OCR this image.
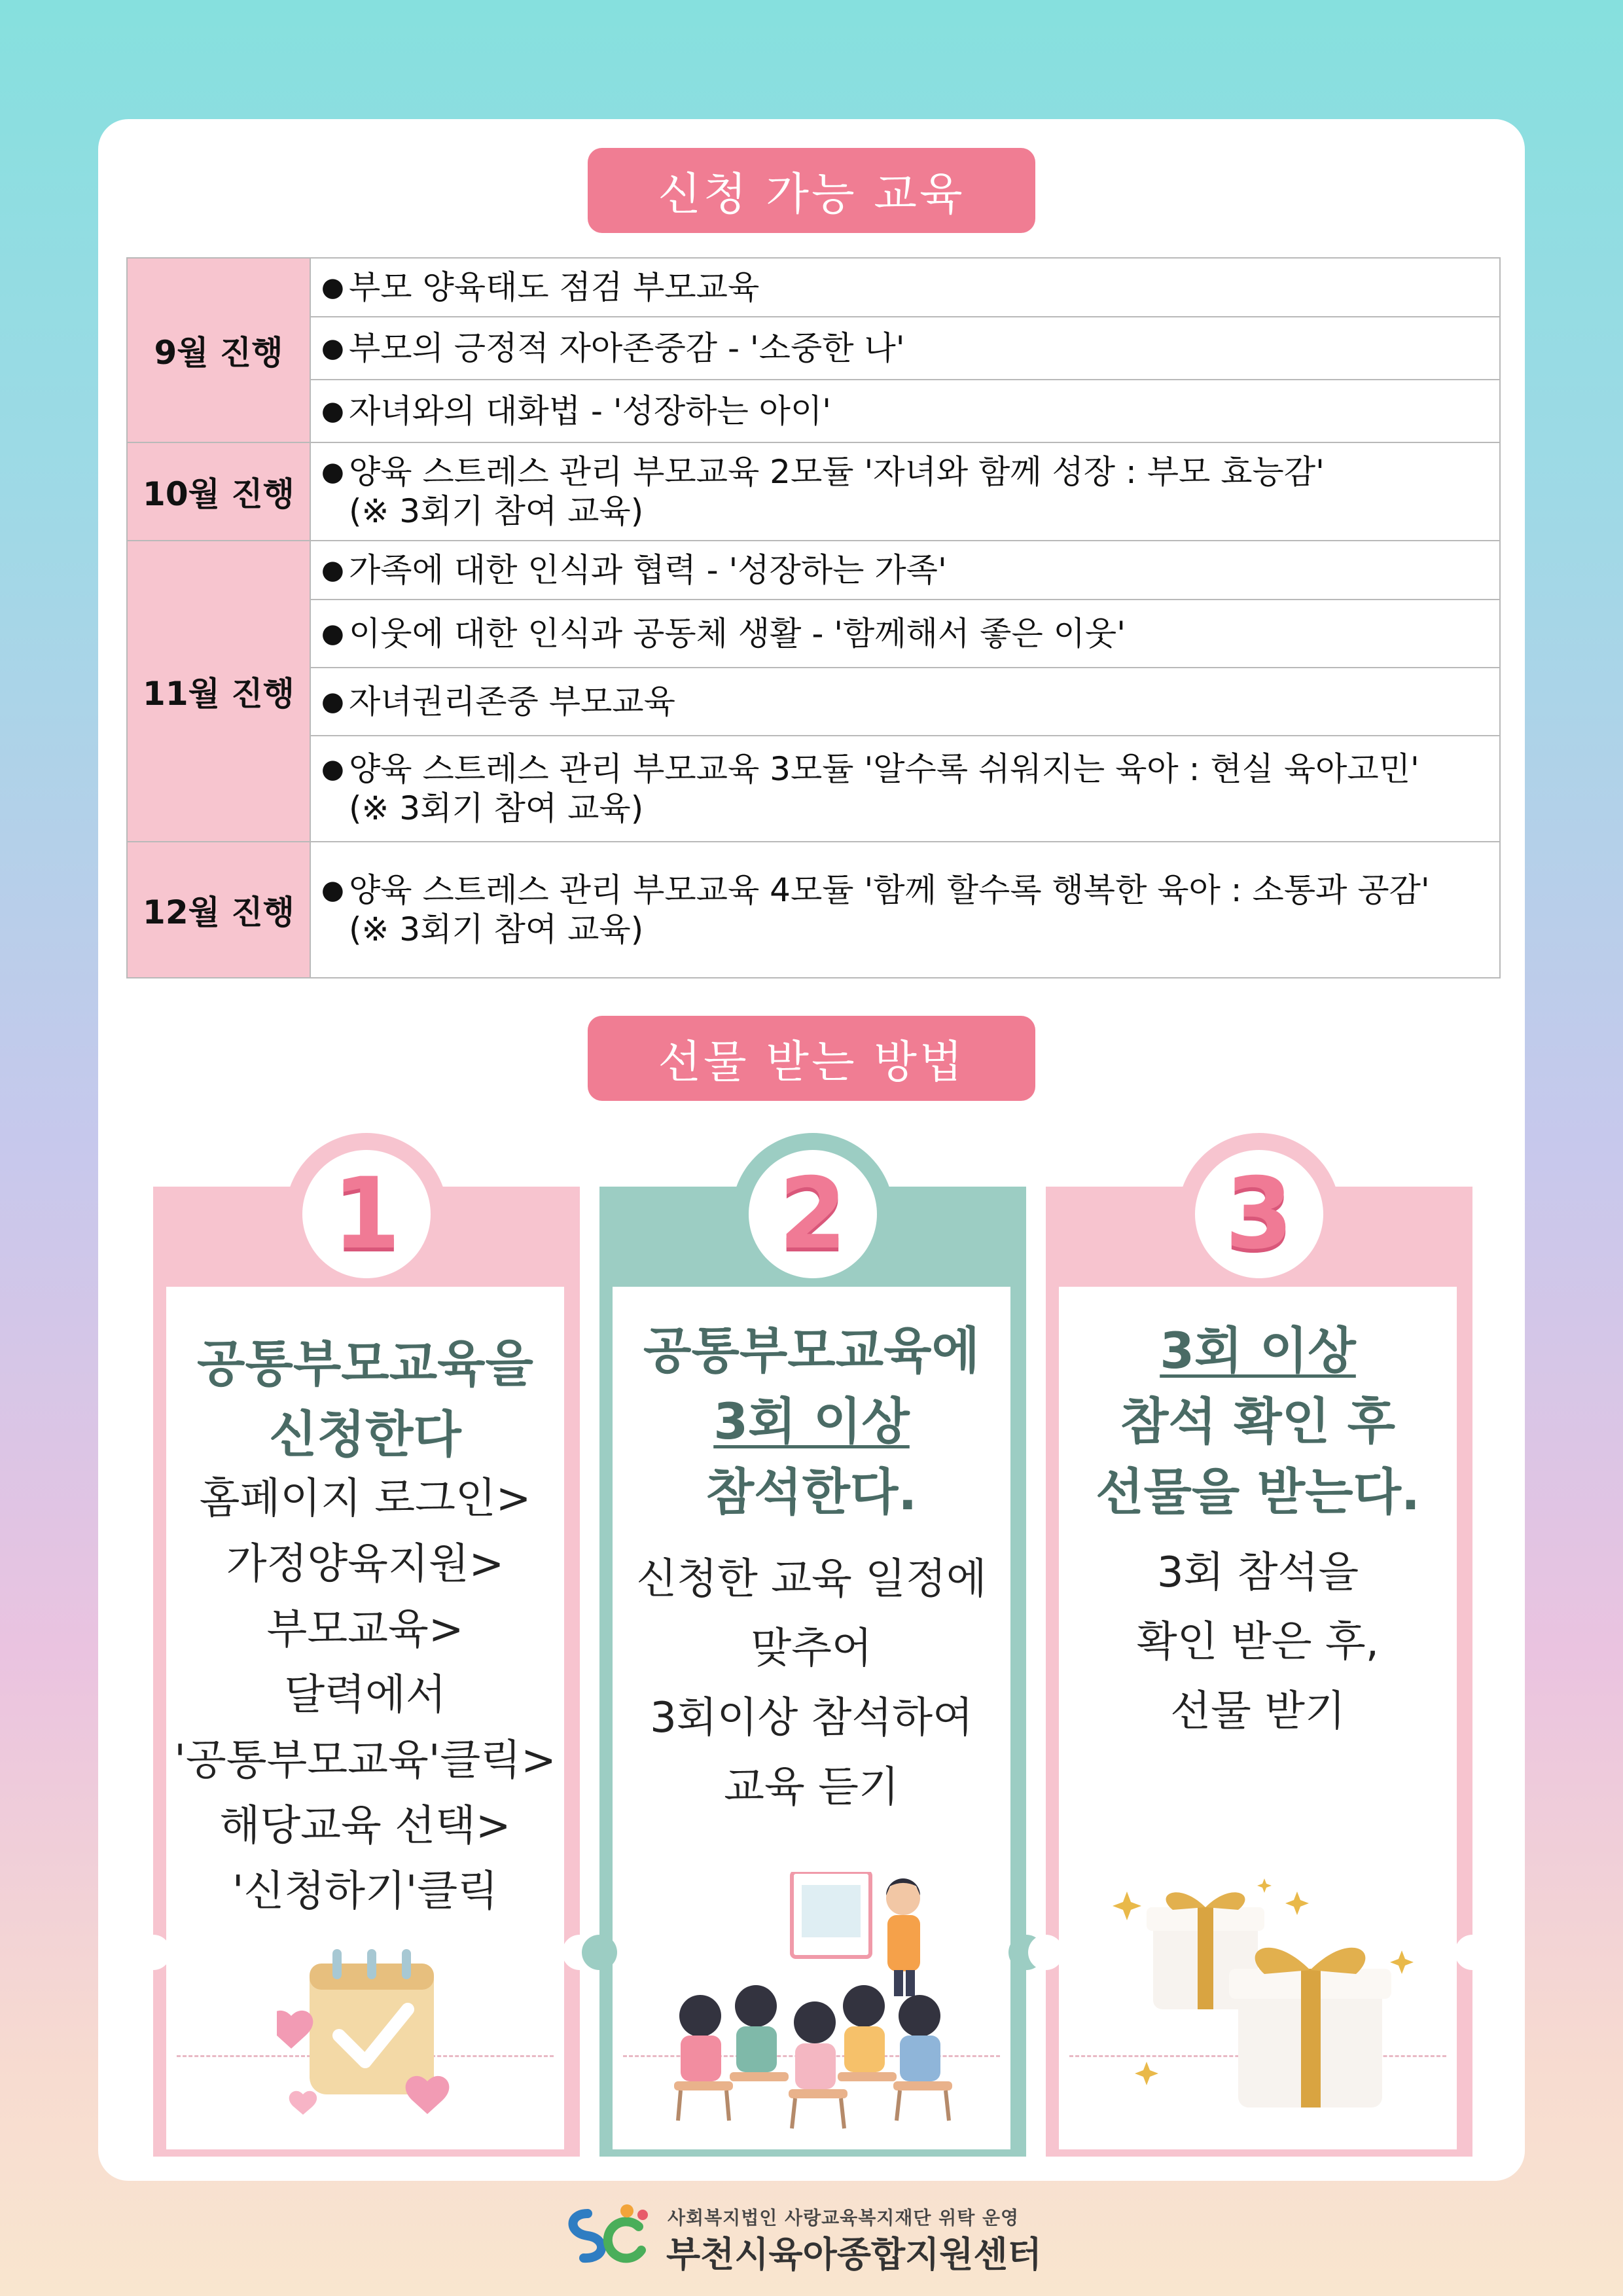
신청 가능 교육
9월 진행	● 부모 양육태도 점검 부모교육
	● 부모의 긍정적 자아존중감 - '소중한 나'
	● 자녀와의 대화법 - '성장하는 아이'
10월 진행	● 양육 스트레스 관리 부모교육 2모듈 '자녀와 함께 성장 : 부모 효능감'
(※ 3회기 참여 교육)

11월 진행	● 가족에 대한 인식과 협력 - '성장하는 가족'
	● 이웃에 대한 인식과 공동체 생활 - '함께해서 좋은 이웃'
	● 자녀권리존중 부모교육
	● 양육 스트레스 관리 부모교육 3모듈 '알수록 쉬워지는 육아 : 현실 육아고민'
(※ 3회기 참여 교육)

12월 진행	● 양육 스트레스 관리 부모교육 4모듈 '함께 할수록 행복한 육아 : 소통과 공감'
(※ 3회기 참여 교육)
선물 받는 방법
1
공통부모교육을
신청한다
홈페이지 로그인>
가정양육지원>
부모교육>
달력에서
'공통부모교육'클릭>
해당교육 선택>
'신청하기'클릭
2
공통부모교육에
3회 이상
참석한다.
신청한 교육 일정에
맞추어
3회이상 참석하여
교육 듣기
3
3회 이상
참석 확인 후
선물을 받는다.
3회 참석을
확인 받은 후,
선물 받기
사회복지법인 사랑교육복지재단 위탁 운영
부천시육아종합지원센터
